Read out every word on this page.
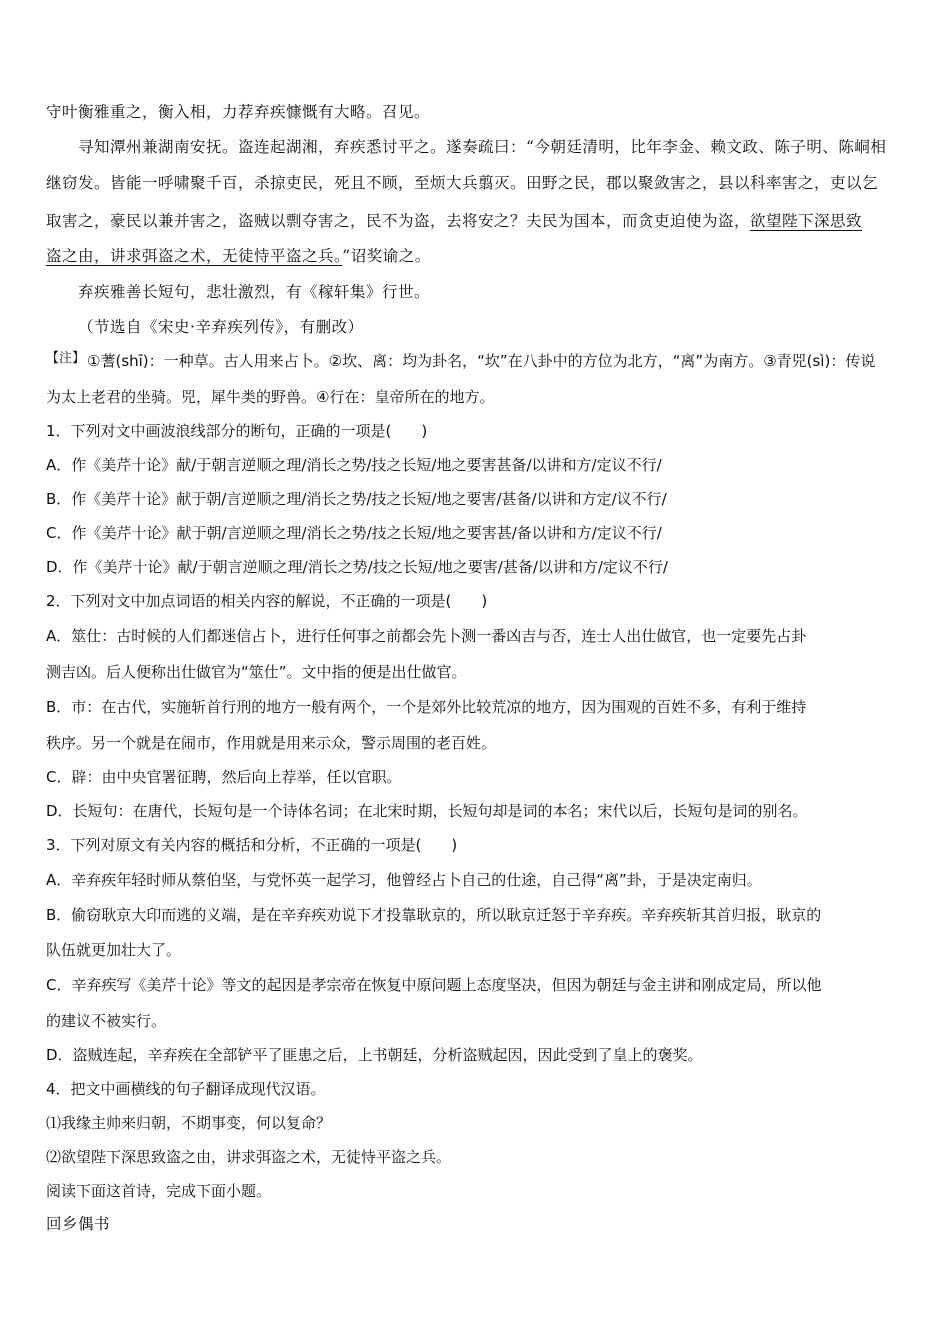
守叶衡雅重之，衡入相，力荐弃疾慷慨有大略。召见。
寻知潭州兼湖南安抚。盗连起湖湘，弃疾悉讨平之。遂奏疏曰：“今朝廷清明，比年李金、赖文政、陈子明、陈峒相
继窃发。皆能一呼啸聚千百，杀掠吏民，死且不顾，至烦大兵翦灭。田野之民，郡以聚敛害之，县以科率害之，吏以乞
取害之，豪民以兼并害之，盗贼以剽夺害之，民不为盗，去将安之？夫民为国本，而贪吏迫使为盗，欲望陛下深思致
盗之由，讲求弭盗之术，无徒恃平盗之兵。”诏奖谕之。
弃疾雅善长短句，悲壮激烈，有《稼轩集》行世。
（节选自《宋史·辛弃疾列传》，有删改）
【注】 ①蓍(shī)：一种草。古人用来占卜。②坎、离：均为卦名，“坎”在八卦中的方位为北方，“离”为南方。③青兕(sì)：传说
为太上老君的坐骑。兕，犀牛类的野兽。④行在：皇帝所在的地方。
1．下列对文中画波浪线部分的断句，正确的一项是(　　)
A．作《美芹十论》献/于朝言逆顺之理/消长之势/技之长短/地之要害甚备/以讲和方/定议不行/
B．作《美芹十论》献于朝/言逆顺之理/消长之势/技之长短/地之要害/甚备/以讲和方定/议不行/
C．作《美芹十论》献于朝/言逆顺之理/消长之势/技之长短/地之要害甚/备以讲和方/定议不行/
D．作《美芹十论》献/于朝言逆顺之理/消长之势/技之长短/地之要害/甚备/以讲和方/定议不行/
2．下列对文中加点词语的相关内容的解说，不正确的一项是(　　)
A．筮仕：古时候的人们都迷信占卜，进行任何事之前都会先卜测一番凶吉与否，连士人出仕做官，也一定要先占卦
测吉凶。后人便称出仕做官为“筮仕”。文中指的便是出仕做官。
B．市：在古代，实施斩首行刑的地方一般有两个，一个是郊外比较荒凉的地方，因为围观的百姓不多，有利于维持
秩序。另一个就是在闹市，作用就是用来示众，警示周围的老百姓。
C．辟：由中央官署征聘，然后向上荐举，任以官职。
D．长短句：在唐代，长短句是一个诗体名词；在北宋时期，长短句却是词的本名；宋代以后，长短句是词的别名。
3．下列对原文有关内容的概括和分析，不正确的一项是(　　)
A．辛弃疾年轻时师从蔡伯坚，与党怀英一起学习，他曾经占卜自己的仕途，自己得“离”卦，于是决定南归。
B．偷窃耿京大印而逃的义端，是在辛弃疾劝说下才投靠耿京的，所以耿京迁怒于辛弃疾。辛弃疾斩其首归报，耿京的
队伍就更加壮大了。
C．辛弃疾写《美芹十论》等文的起因是孝宗帝在恢复中原问题上态度坚决，但因为朝廷与金主讲和刚成定局，所以他
的建议不被实行。
D．盗贼连起，辛弃疾在全部铲平了匪患之后，上书朝廷，分析盗贼起因，因此受到了皇上的褒奖。
4．把文中画横线的句子翻译成现代汉语。
⑴我缘主帅来归朝，不期事变，何以复命？
⑵欲望陛下深思致盗之由，讲求弭盗之术，无徒恃平盗之兵。
阅读下面这首诗，完成下面小题。
回乡偶书
